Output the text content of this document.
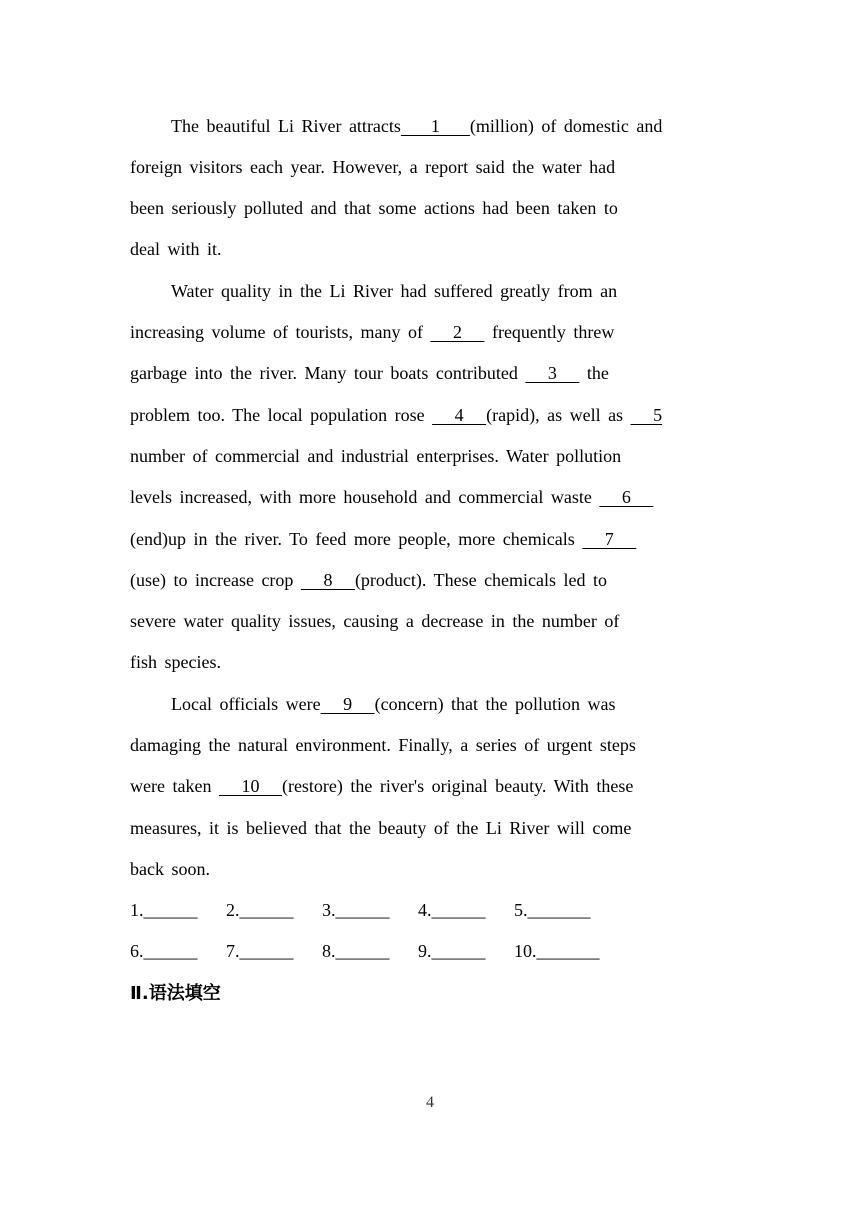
The beautiful Li River attracts    1    (million) of domestic and
foreign visitors each year. However, a report said the water had
been seriously polluted and that some actions had been taken to
deal with it.
Water quality in the Li River had suffered greatly from an
increasing volume of tourists, many of    2    frequently threw
garbage into the river. Many tour boats contributed    3    the
problem too. The local population rose    4   (rapid), as well as    5
number of commercial and industrial enterprises. Water pollution
levels increased, with more household and commercial waste    6
(end)up in the river. To feed more people, more chemicals    7
(use) to increase crop    8   (product). These chemicals led to
severe water quality issues, causing a decrease in the number of
fish species.
Local officials were   9   (concern) that the pollution was
damaging the natural environment. Finally, a series of urgent steps
were taken    10   (restore) the river's original beauty. With these
measures, it is believed that the beauty of the Li River will come
back soon.
1.______ 2.______ 3.______ 4.______ 5._______
6.______ 7.______ 8.______ 9.______ 10._______
Ⅱ.语法填空
4
